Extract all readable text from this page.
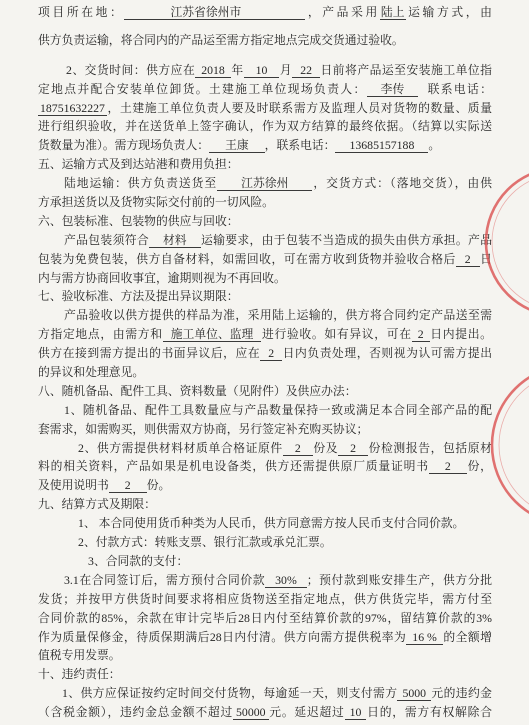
项目所在地：	江苏省徐州市	，产品采用陆上运输方式，由
供方负责运输，将合同内的产品运至需方指定地点完成交货通过验收。
2、交货时间：供方应在 2018 年 10 月 22 日前将产品运至安装施工单位指
定地点并配合安装单位卸货。土建施工单位现场负责人： 李传 联系电话：
18751632227 ，土建施工单位负责人要及时联系需方及监理人员对货物的数量、质量
进行组织验收，并在送货单上签字确认，作为双方结算的最终依据。（结算以实际送
货数量为准）。需方现场负责人： 王康 ，联系电话： 13685157188 。
五、运输方式及到达站港和费用负担：
陆地运输：供方负责送货至 江苏徐州 ，交货方式：（落地交货），由供
方承担送货以及货物实际交付前的一切风险。
六、包装标准、包装物的供应与回收：
产品包装须符合 材料 运输要求，由于包装不当造成的损失由供方承担。产品
包装为免费包装，供方自备材料，如需回收，可在需方收到货物并验收合格后 2 日
内与需方协商回收事宜，逾期则视为不再回收。
七、验收标准、方法及提出异议期限：
产品验收以供方提供的样品为准，采用陆上运输的，供方将合同约定产品送至需
方指定地点，由需方和 施工单位、监理 进行验收。如有异议，可在 2 日内提出。
供方在接到需方提出的书面异议后，应在 2 日内负责处理，否则视为认可需方提出
的异议和处理意见。
八、随机备品、配件工具、资料数量（见附件）及供应办法：
1、随机备品、配件工具数量应与产品数量保持一致或满足本合同全部产品的配
套需求，如需购买，则供需双方协商，另行签定补充购买协议；
2、供方需提供材料材质单合格证原件 2 份及 2 份检测报告，包括原材
料的相关资料，产品如果是机电设备类，供方还需提供原厂质量证明书 2 份，
及使用说明书 2 份。
九、结算方式及期限：
1、 本合同使用货币种类为人民币，供方同意需方按人民币支付合同价款。
2、付款方式：转账支票、银行汇款或承兑汇票。
3、合同款的支付：
3.1在合同签订后，需方预付合同价款 30% ；预付款到账安排生产，供方分批
发货；并按甲方供货时间要求将相应货物送至指定地点，供方供货完毕，需方付至
合同价款的85%，余款在审计完毕后28日内付至结算价款的97%，留结算价款的3%
作为质量保修金，待质保期满后28日内付清。供方向需方提供税率为 16 % 的全额增
值税专用发票。
十、违约责任：
1、供方应保证按约定时间交付货物，每逾延一天，则支付需方 5000 元的违约金
（含税金额），违约金总金额不超过 50000 元。延迟超过 10 日的，需方有权解除合
